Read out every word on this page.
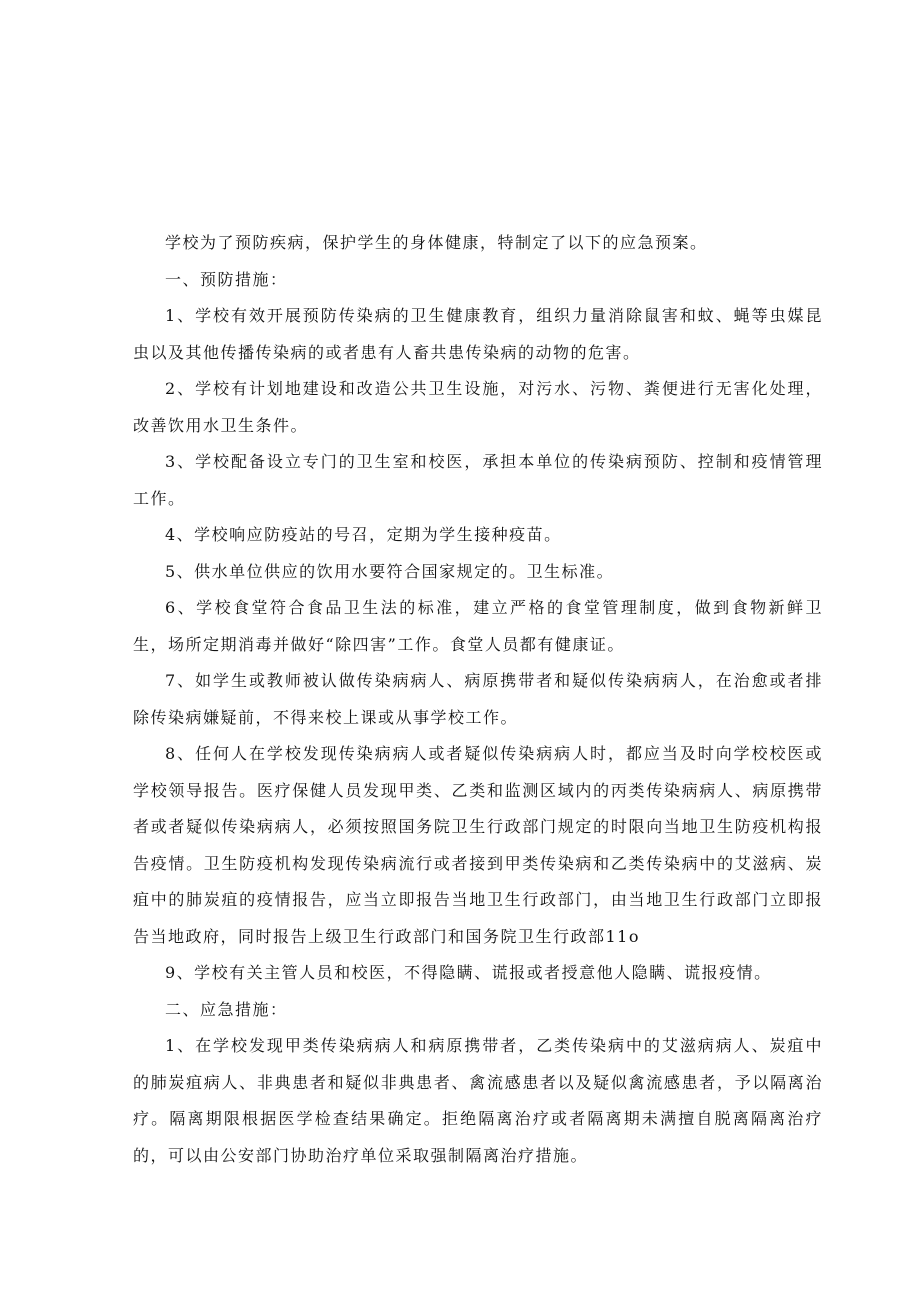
学校为了预防疾病，保护学生的身体健康，特制定了以下的应急预案。

一、预防措施：

1、学校有效开展预防传染病的卫生健康教育，组织力量消除鼠害和蚊、蝇等虫媒昆虫以及其他传播传染病的或者患有人畜共患传染病的动物的危害。

2、学校有计划地建设和改造公共卫生设施，对污水、污物、粪便进行无害化处理，改善饮用水卫生条件。

3、学校配备设立专门的卫生室和校医，承担本单位的传染病预防、控制和疫情管理工作。

4、学校响应防疫站的号召，定期为学生接种疫苗。

5、供水单位供应的饮用水要符合国家规定的。卫生标准。

6、学校食堂符合食品卫生法的标准，建立严格的食堂管理制度，做到食物新鲜卫生，场所定期消毒并做好“除四害”工作。食堂人员都有健康证。

7、如学生或教师被认做传染病病人、病原携带者和疑似传染病病人，在治愈或者排除传染病嫌疑前，不得来校上课或从事学校工作。

8、任何人在学校发现传染病病人或者疑似传染病病人时，都应当及时向学校校医或学校领导报告。医疗保健人员发现甲类、乙类和监测区域内的丙类传染病病人、病原携带者或者疑似传染病病人，必须按照国务院卫生行政部门规定的时限向当地卫生防疫机构报告疫情。卫生防疫机构发现传染病流行或者接到甲类传染病和乙类传染病中的艾滋病、炭疽中的肺炭疽的疫情报告，应当立即报告当地卫生行政部门，由当地卫生行政部门立即报告当地政府，同时报告上级卫生行政部门和国务院卫生行政部11o

9、学校有关主管人员和校医，不得隐瞒、谎报或者授意他人隐瞒、谎报疫情。

二、应急措施：

1、在学校发现甲类传染病病人和病原携带者，乙类传染病中的艾滋病病人、炭疽中的肺炭疽病人、非典患者和疑似非典患者、禽流感患者以及疑似禽流感患者，予以隔离治疗。隔离期限根据医学检查结果确定。拒绝隔离治疗或者隔离期未满擅自脱离隔离治疗的，可以由公安部门协助治疗单位采取强制隔离治疗措施。
